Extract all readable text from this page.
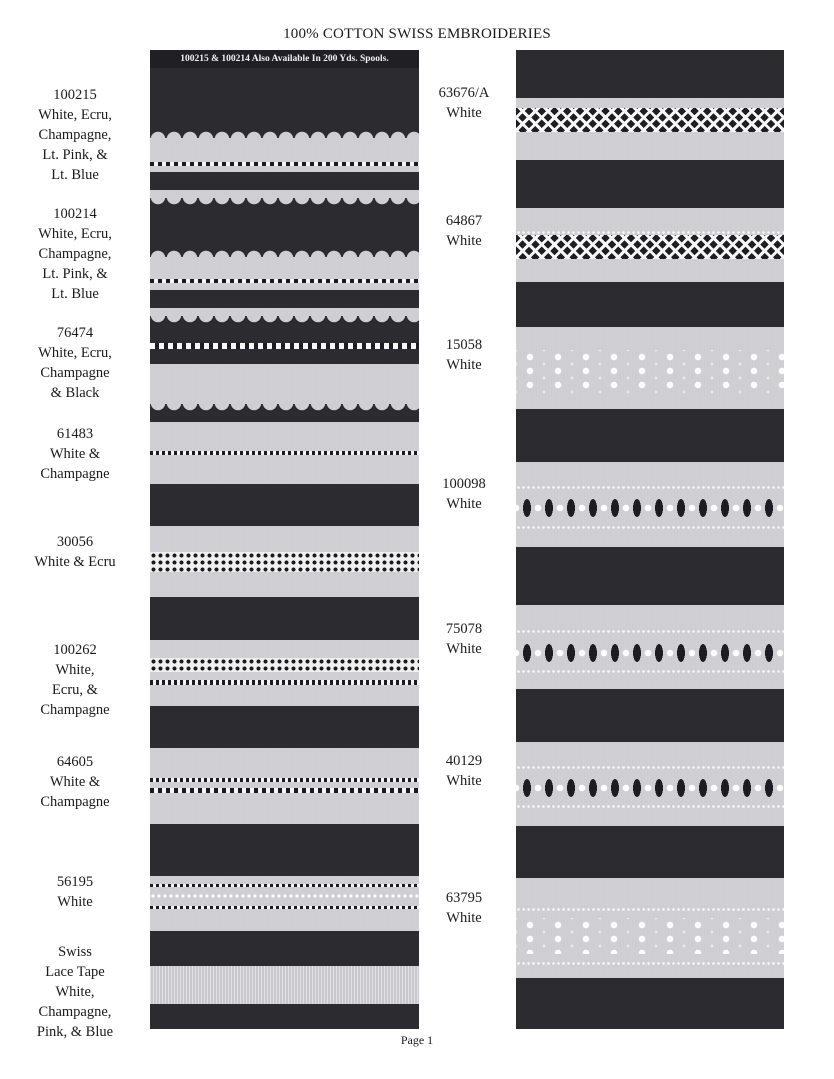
100% COTTON SWISS EMBROIDERIES
100215 & 100214 Also Available In 200 Yds. Spools.
100215
White, Ecru,
Champagne,
Lt. Pink, &
Lt. Blue
100214
White, Ecru,
Champagne,
Lt. Pink, &
Lt. Blue
76474
White, Ecru,
Champagne
& Black
61483
White &
Champagne
30056
White & Ecru
100262
White,
Ecru, &
Champagne
64605
White &
Champagne
56195
White
Swiss
Lace Tape
White,
Champagne,
Pink, & Blue
63676/A
White
64867
White
15058
White
100098
White
75078
White
40129
White
63795
White
Page 1
